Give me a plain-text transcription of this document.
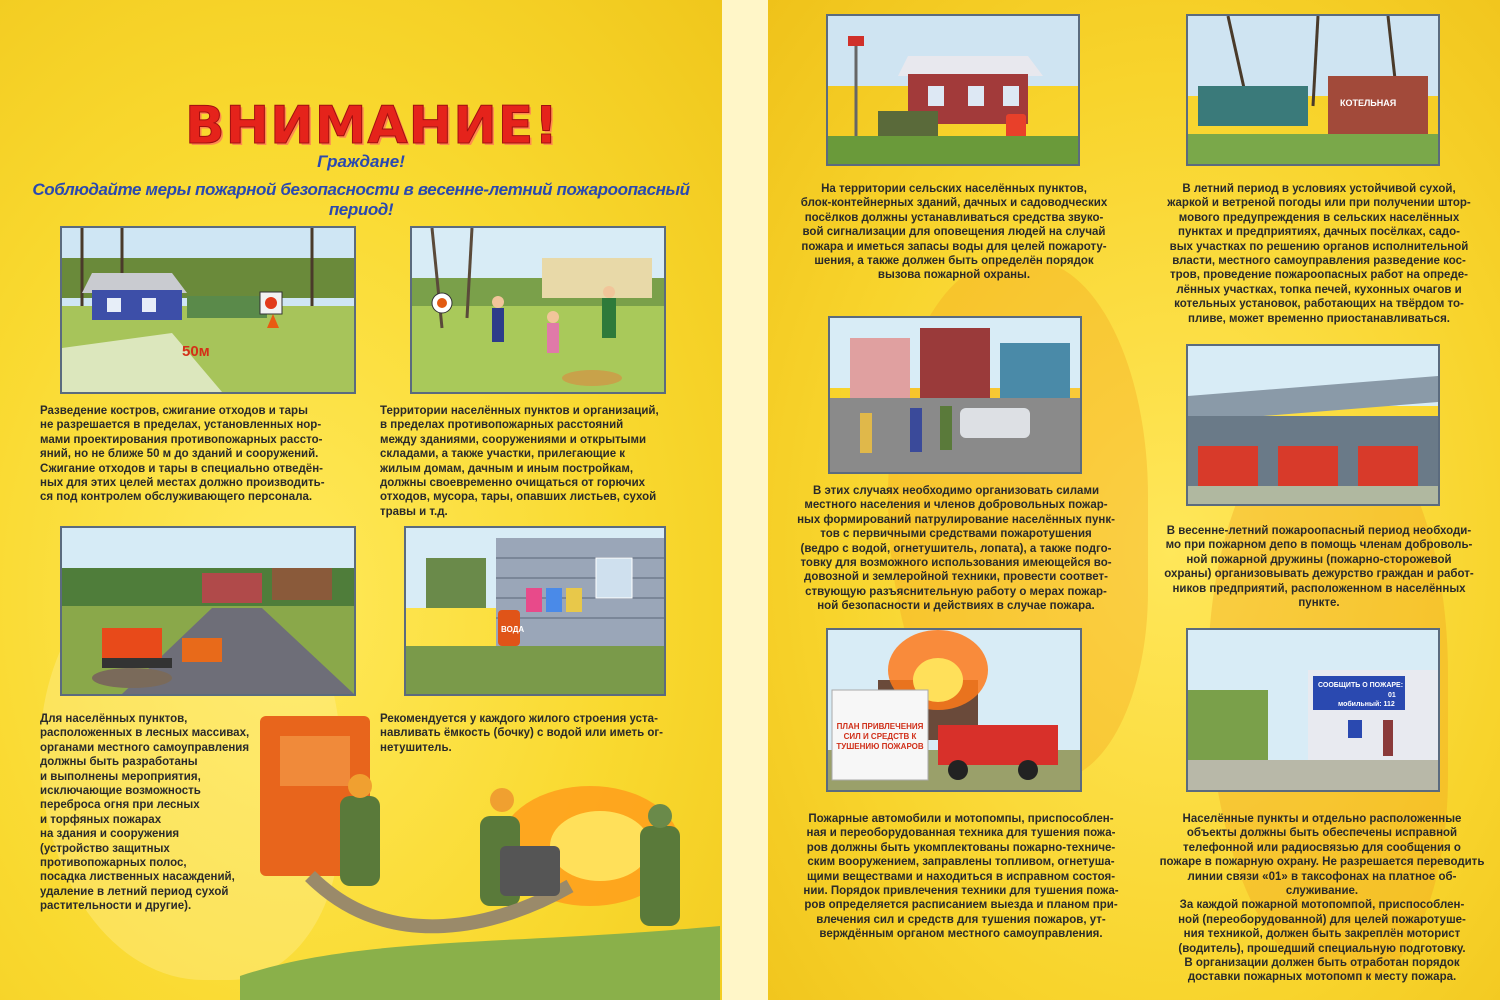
ВНИМАНИЕ!
Граждане!
Соблюдайте меры пожарной безопасности в весенне-летний пожароопасный период!
50м

Разведение костров, сжигание отходов и тары
не разрешается в пределах, установленных нор-
мами проектирования противопожарных рассто-
яний, но не ближе 50 м до зданий и сооружений.
Сжигание отходов и тары в специально отведён-
ных для этих целей местах должно производить-
ся под контролем обслуживающего персонала.

Территории населённых пунктов и организаций,
в пределах противопожарных расстояний
между зданиями, сооружениями и открытыми
складами, а также участки, прилегающие к
жилым домам, дачным и иным постройкам,
должны своевременно очищаться от горючих
отходов, мусора, тары, опавших листьев, сухой
травы и т.д.

ВОДА

Для населённых пунктов,
расположенных в лесных массивах,
органами местного самоуправления
должны быть разработаны
и выполнены мероприятия,
исключающие возможность
переброса огня при лесных
и торфяных пожарах
на здания и сооружения
(устройство защитных
противопожарных полос,
посадка лиственных насаждений,
удаление в летний период сухой
растительности и другие).

Рекомендуется у каждого жилого строения уста-
навливать ёмкость (бочку) с водой или иметь ог-
нетушитель.

КОТЕЛЬНАЯ

На территории сельских населённых пунктов,
блок-контейнерных зданий, дачных и садоводческих
посёлков должны устанавливаться средства звуко-
вой сигнализации для оповещения людей на случай
пожара и иметься запасы воды для целей пожароту-
шения, а также должен быть определён порядок
вызова пожарной охраны.

В летний период в условиях устойчивой сухой,
жаркой и ветреной погоды или при получении штор-
мового предупреждения в сельских населённых
пунктах и предприятиях, дачных посёлках, садо-
вых участках по решению органов исполнительной
власти, местного самоуправления разведение кос-
тров, проведение пожароопасных работ на опреде-
лённых участках, топка печей, кухонных очагов и
котельных установок, работающих на твёрдом то-
пливе, может временно приостанавливаться.

В этих случаях необходимо организовать силами
местного населения и членов добровольных пожар-
ных формирований патрулирование населённых пунк-
тов с первичными средствами пожаротушения
(ведро с водой, огнетушитель, лопата), а также подго-
товку для возможного использования имеющейся во-
довозной и землеройной техники, провести соответ-
ствующую разъяснительную работу о мерах пожар-
ной безопасности и действиях в случае пожара.

В весенне-летний пожароопасный период необходи-
мо при пожарном депо в помощь членам доброволь-
ной пожарной дружины (пожарно-сторожевой
охраны) организовывать дежурство граждан и работ-
ников предприятий, расположенном в населённых
пункте.

ПЛАН ПРИВЛЕЧЕНИЯ СИЛ И СРЕДСТВ К ТУШЕНИЮ ПОЖАРОВ
СООБЩИТЬ О ПОЖАРЕ:
01
мобильный: 112

Пожарные автомобили и мотопомпы, приспособлен-
ная и переоборудованная техника для тушения пожа-
ров должны быть укомплектованы пожарно-техниче-
ским вооружением, заправлены топливом, огнетуша-
щими веществами и находиться в исправном состоя-
нии. Порядок привлечения техники для тушения пожа-
ров определяется расписанием выезда и планом при-
влечения сил и средств для тушения пожаров, ут-
верждённым органом местного самоуправления.

Населённые пункты и отдельно расположенные
объекты должны быть обеспечены исправной
телефонной или радиосвязью для сообщения о
пожаре в пожарную охрану. Не разрешается переводить линии связи «01» в таксофонах на платное об-
служивание.
За каждой пожарной мотопомпой, приспособлен-
ной (переоборудованной) для целей пожаротуше-
ния техникой, должен быть закреплён моторист
(водитель), прошедший специальную подготовку.
В организации должен быть отработан порядок
доставки пожарных мотопомп к месту пожара.
